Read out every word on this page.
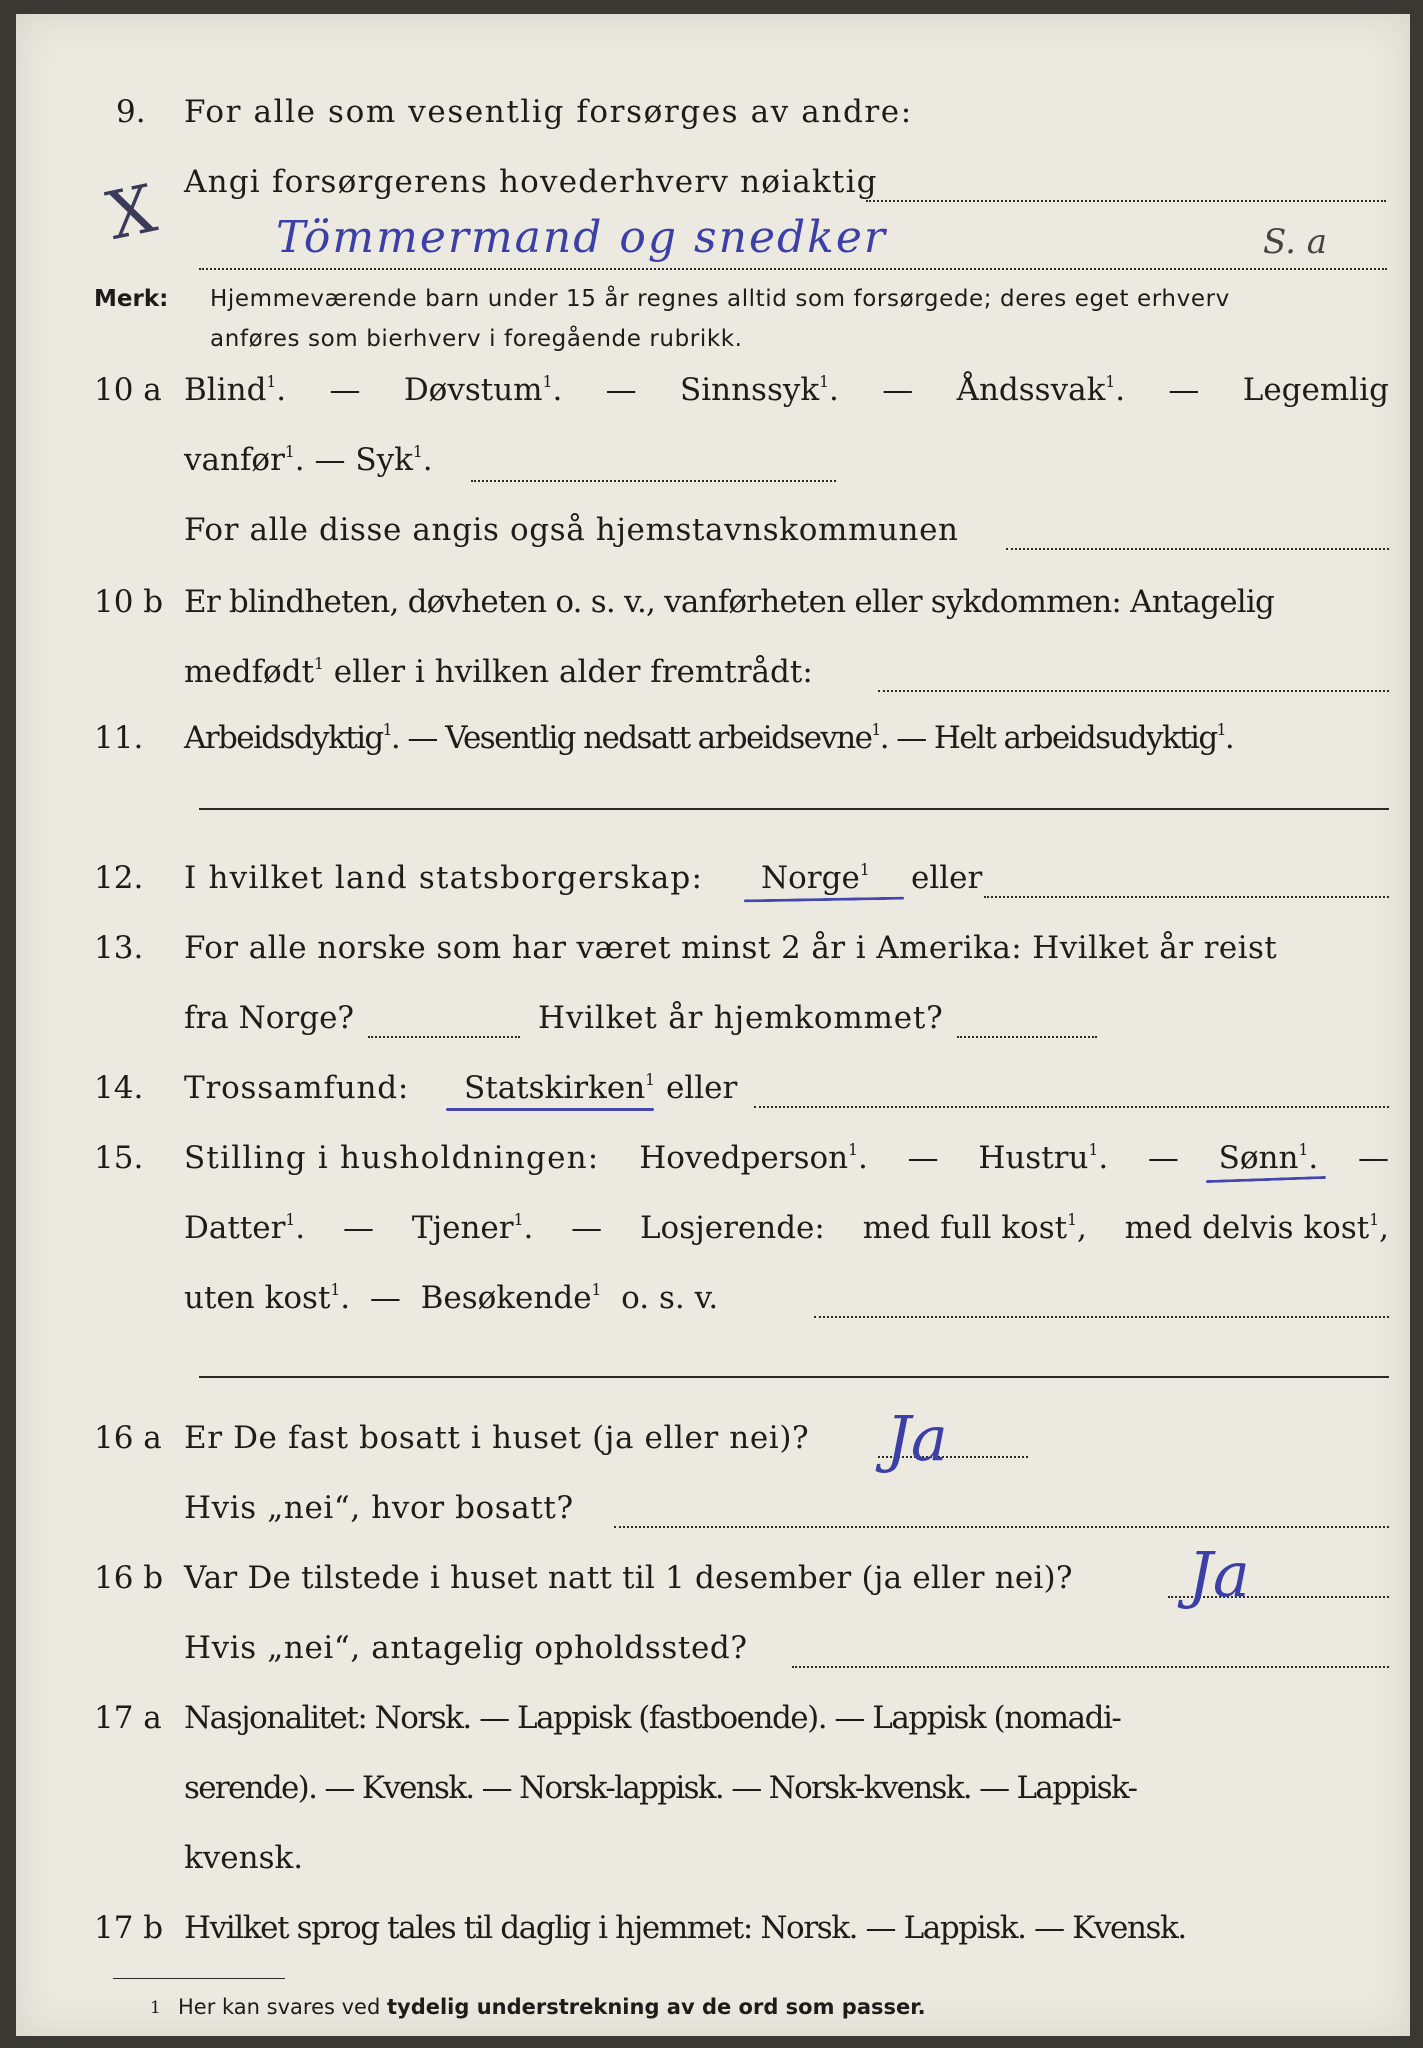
9. For alle som vesentlig forsørges av andre:
X Angi forsørgerens hovederhverv nøiaktig
Tömmermand og snedker	S. a
Merk: Hjemmeværende barn under 15 år regnes alltid som forsørgede; deres eget erhverv
anføres som bierhverv i foregående rubrikk.
10 a Blind$^1$. — Døvstum$^1$. — Sinnssyk$^1$. — Åndssvak$^1$. — Legemlig
vanfør$^1$. — Syk$^1$.
For alle disse angis også hjemstavnskommunen
10 b Er blindheten, døvheten o. s. v., vanførheten eller sykdommen: Antagelig
medfødt$^1$ eller i hvilken alder fremtrådt:
11. Arbeidsdyktig$^1$. — Vesentlig nedsatt arbeidsevne$^1$. — Helt arbeidsudyktig$^1$.
12. I hvilket land statsborgerskap: Norge$^1$ eller
13. For alle norske som har været minst 2 år i Amerika: Hvilket år reist
fra Norge?	Hvilket år hjemkommet?
14. Trossamfund: Statskirken$^1$ eller
15. Stilling i husholdningen: Hovedperson$^1$. — Hustru$^1$. — Sønn$^1$. —
Datter$^1$. — Tjener$^1$. — Losjerende: med full kost$^1$, med delvis kost$^1$,
uten kost$^1$.  — Besøkende$^1$ o. s. v.
16 a Er De fast bosatt i huset (ja eller nei)? Ja
Hvis „nei“, hvor bosatt?
16 b Var De tilstede i huset natt til 1 desember (ja eller nei)? Ja
Hvis „nei“, antagelig opholdssted?
17 a Nasjonalitet: Norsk. — Lappisk (fastboende). — Lappisk (nomadi-
serende). — Kvensk. — Norsk-lappisk. — Norsk-kvensk. — Lappisk-
kvensk.
17 b Hvilket sprog tales til daglig i hjemmet: Norsk. — Lappisk. — Kvensk.
1 Her kan svares ved tydelig understrekning av de ord som passer.
